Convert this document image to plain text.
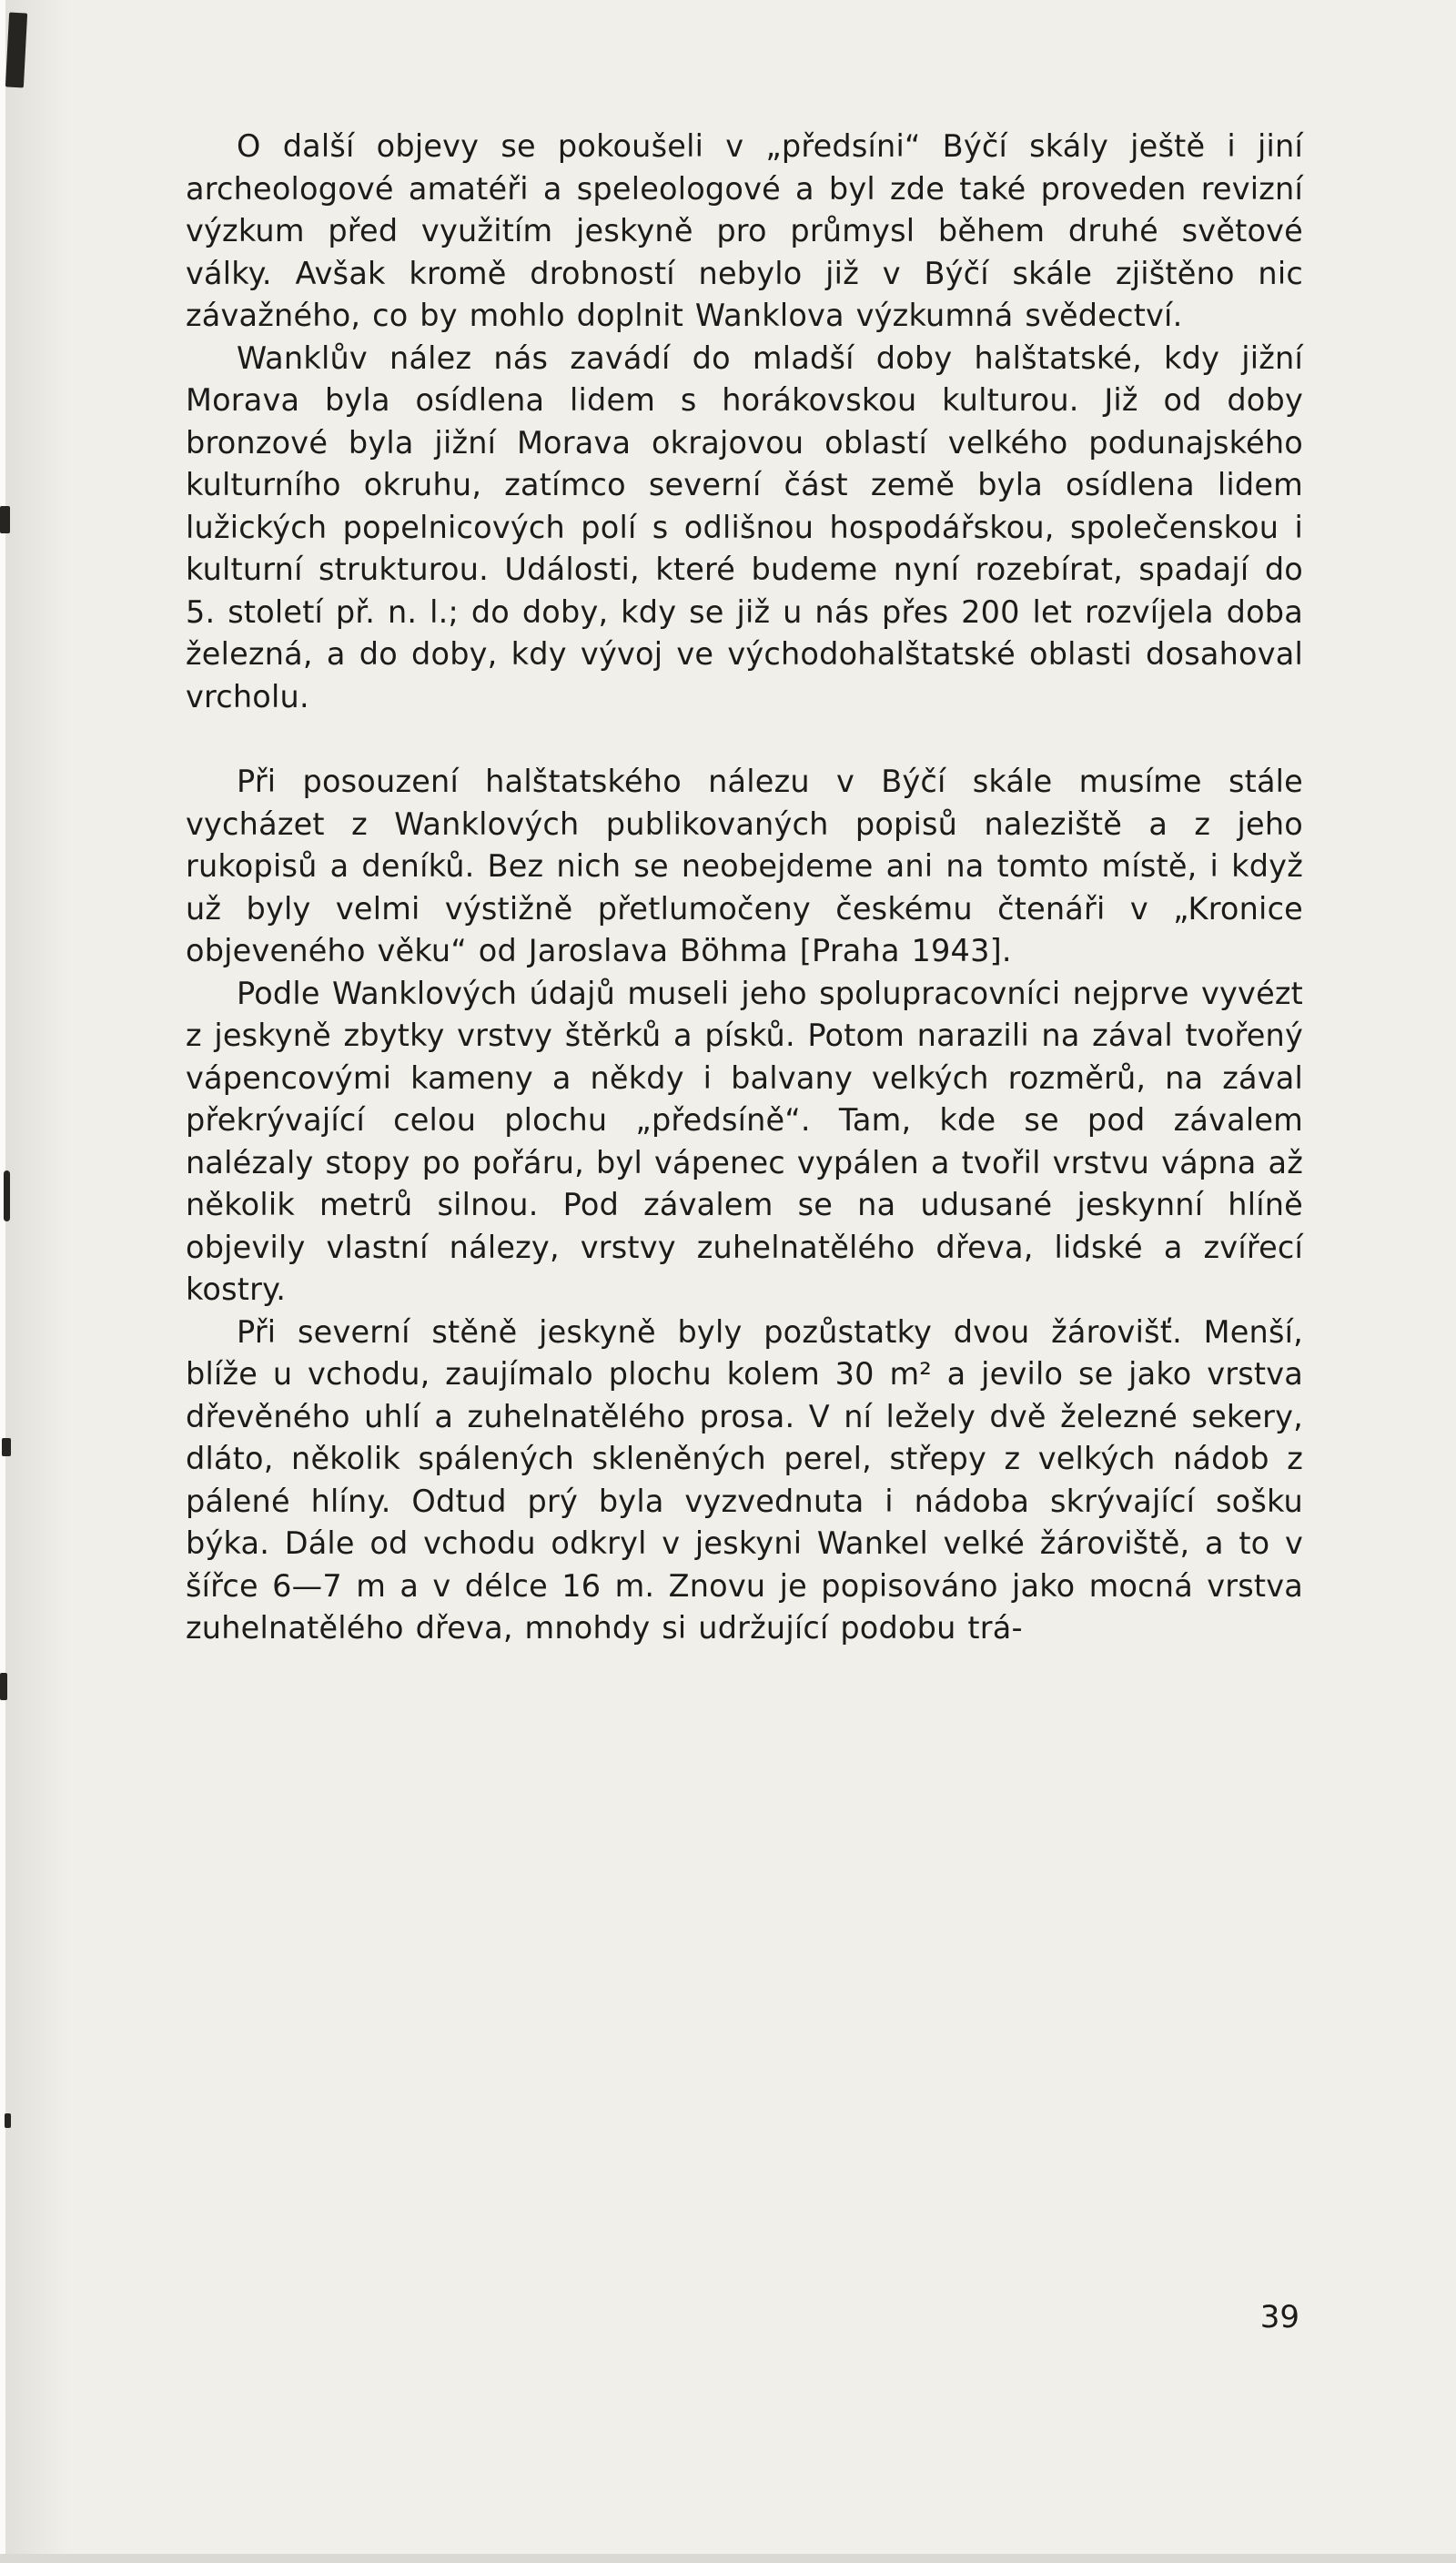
O další objevy se pokoušeli v „předsíni“ Býčí skály ještě i jiní archeologové amatéři a speleologové a byl zde také proveden revizní výzkum před využitím jeskyně pro průmysl během druhé světové války. Avšak kromě drobností nebylo již v Býčí skále zjištěno nic závažného, co by mohlo doplnit Wanklova výzkumná svědectví.

Wanklův nález nás zavádí do mladší doby halštatské, kdy jižní Morava byla osídlena lidem s horákovskou kulturou. Již od doby bronzové byla jižní Morava okrajovou oblastí velkého podunajského kulturního okruhu, zatímco severní část země byla osídlena lidem lužických popelnicových polí s odlišnou hospodářskou, společenskou i kulturní strukturou. Události, které budeme nyní rozebírat, spadají do 5. století př. n. l.; do doby, kdy se již u nás přes 200 let rozvíjela doba železná, a do doby, kdy vývoj ve východohalštatské oblasti dosahoval vrcholu.

Při posouzení halštatského nálezu v Býčí skále musíme stále vycházet z Wanklových publikovaných popisů naleziště a z jeho rukopisů a deníků. Bez nich se neobejdeme ani na tomto místě, i když už byly velmi výstižně přetlumočeny českému čtenáři v „Kronice objeveného věku“ od Jaroslava Böhma [Praha 1943].

Podle Wanklových údajů museli jeho spolupracovníci nejprve vyvézt z jeskyně zbytky vrstvy štěrků a písků. Potom narazili na zával tvořený vápencovými kameny a někdy i balvany velkých rozměrů, na zával překrývající celou plochu „předsíně“. Tam, kde se pod závalem nalézaly stopy po pořáru, byl vápenec vypálen a tvořil vrstvu vápna až několik metrů silnou. Pod závalem se na udusané jeskynní hlíně objevily vlastní nálezy, vrstvy zuhelnatělého dřeva, lidské a zvířecí kostry.

Při severní stěně jeskyně byly pozůstatky dvou žárovišť. Menší, blíže u vchodu, zaujímalo plochu kolem 30 m² a jevilo se jako vrstva dřevěného uhlí a zuhelnatělého prosa. V ní ležely dvě železné sekery, dláto, několik spálených skleněných perel, střepy z velkých nádob z pálené hlíny. Odtud prý byla vyzvednuta i nádoba skrývající sošku býka. Dále od vchodu odkryl v jeskyni Wankel velké žároviště, a to v šířce 6—7 m a v délce 16 m. Znovu je popisováno jako mocná vrstva zuhelnatělého dřeva, mnohdy si udržující podobu trá-

39
